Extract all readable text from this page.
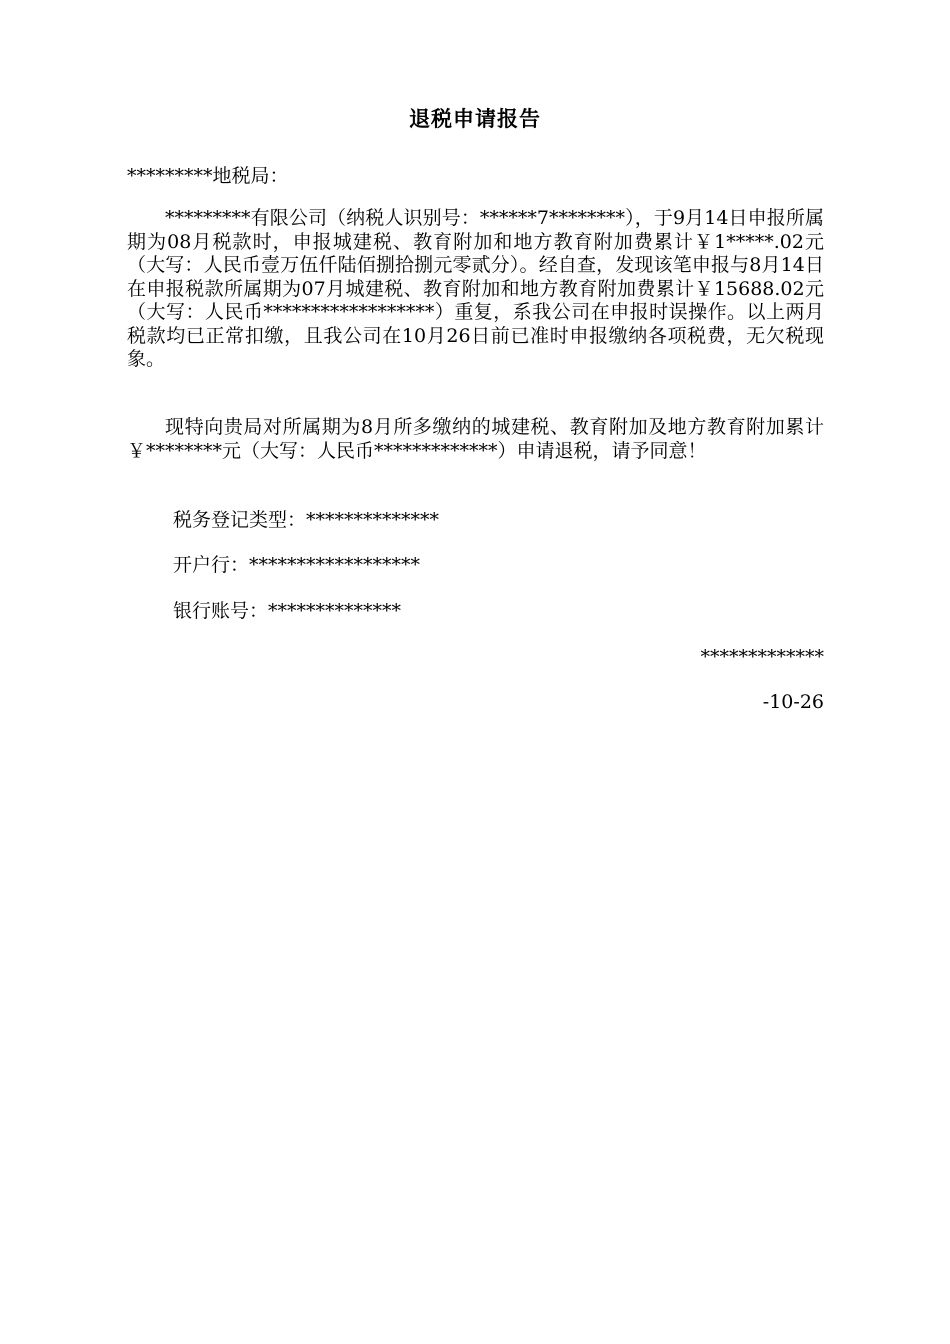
退税申请报告
*********地税局：

*********有限公司（纳税人识别号：******7********），于9月14日申报所属期为08月税款时，申报城建税、教育附加和地方教育附加费累计￥1*****.02元（大写：人民币壹万伍仟陆佰捌拾捌元零贰分）。经自查，发现该笔申报与8月14日在申报税款所属期为07月城建税、教育附加和地方教育附加费累计￥15688.02元（大写：人民币******************）重复，系我公司在申报时误操作。以上两月税款均已正常扣缴，且我公司在10月26日前已准时申报缴纳各项税费，无欠税现象。

现特向贵局对所属期为8月所多缴纳的城建税、教育附加及地方教育附加累计￥********元（大写：人民币*************）申请退税，请予同意！

税务登记类型：**************
开户行：******************
银行账号：**************
*************
-10-26
